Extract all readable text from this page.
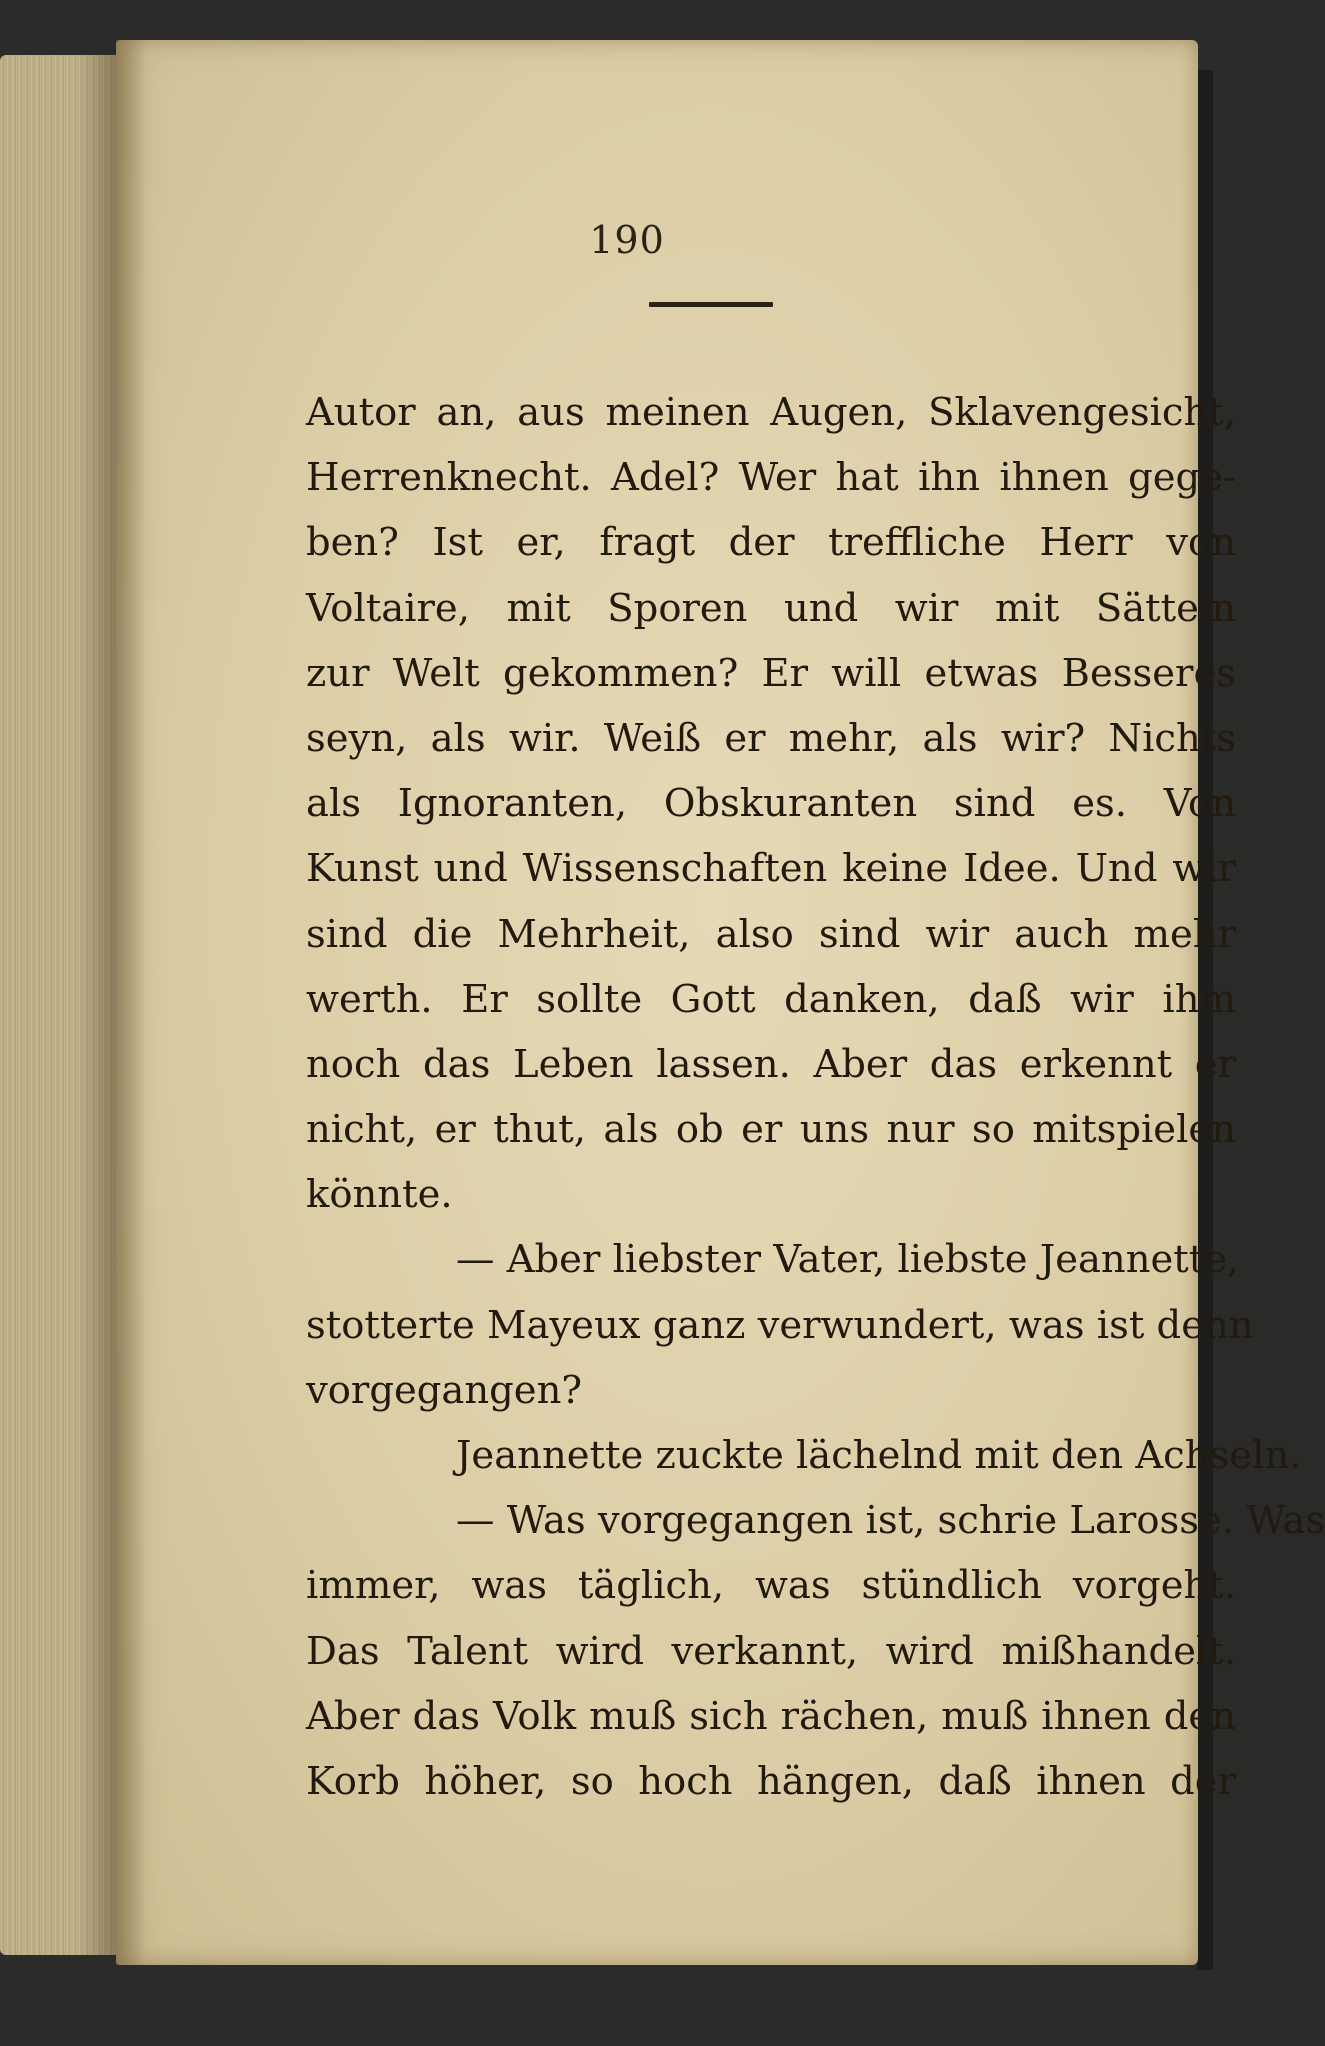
190
Autor an, aus meinen Augen, Sklavengesicht,
Herrenknecht. Adel? Wer hat ihn ihnen gege-
ben? Ist er, fragt der treffliche Herr von
Voltaire, mit Sporen und wir mit Sätteln
zur Welt gekommen? Er will etwas Besseres
seyn, als wir. Weiß er mehr, als wir? Nichts
als Ignoranten, Obskuranten sind es. Von
Kunst und Wissenschaften keine Idee. Und wir
sind die Mehrheit, also sind wir auch mehr
werth. Er sollte Gott danken, daß wir ihm
noch das Leben lassen. Aber das erkennt er
nicht, er thut, als ob er uns nur so mitspielen
könnte.
— Aber liebster Vater, liebste Jeannette,
stotterte Mayeux ganz verwundert, was ist denn
vorgegangen?
Jeannette zuckte lächelnd mit den Achseln.
— Was vorgegangen ist, schrie Larosse. Was
immer, was täglich, was stündlich vorgeht.
Das Talent wird verkannt, wird mißhandelt.
Aber das Volk muß sich rächen, muß ihnen den
Korb höher, so hoch hängen, daß ihnen der
